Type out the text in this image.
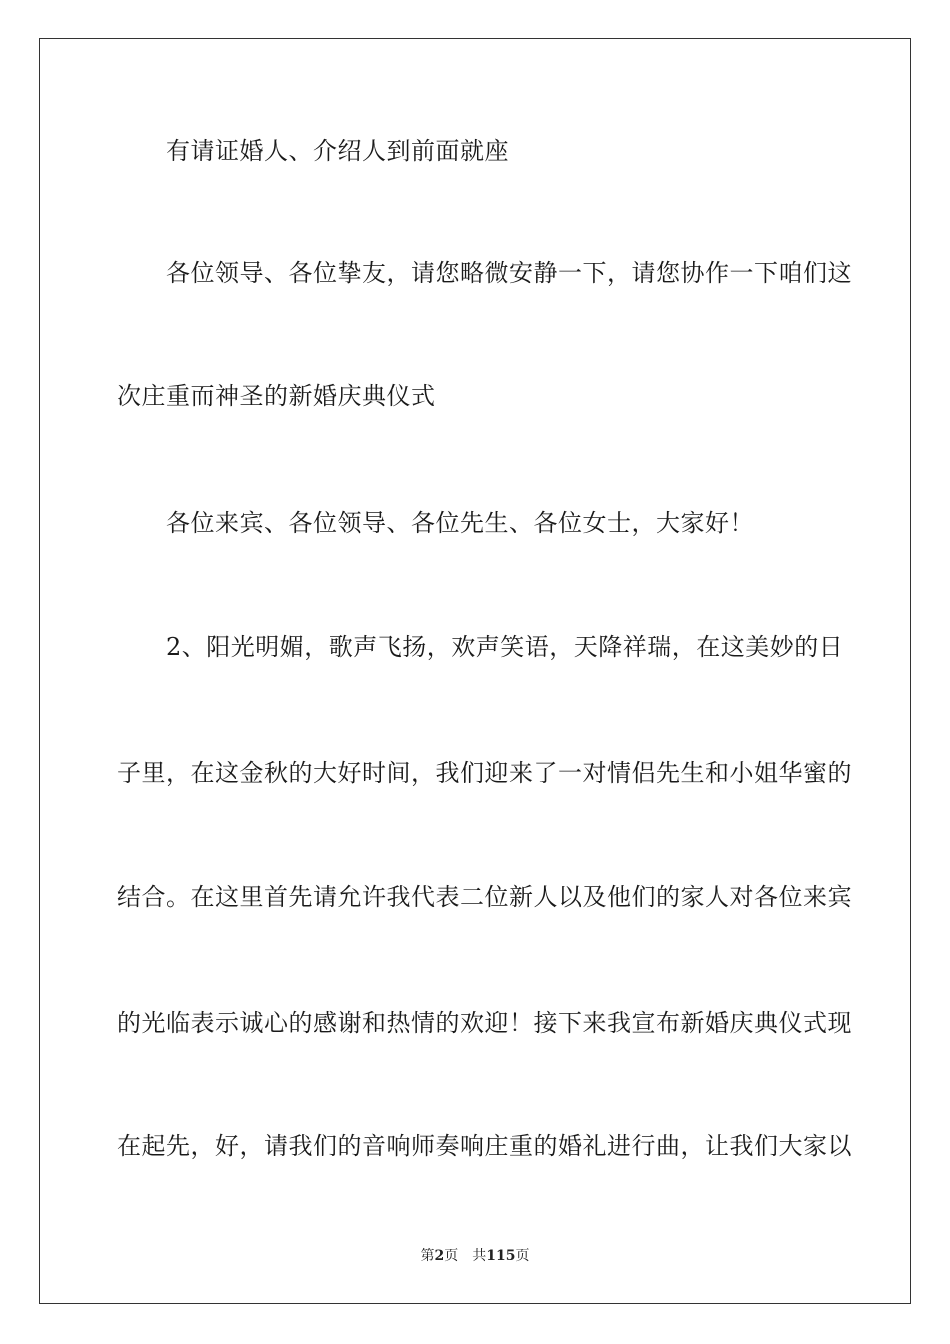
　　有请证婚人、介绍人到前面就座
　　各位领导、各位挚友，请您略微安静一下，请您协作一下咱们这
次庄重而神圣的新婚庆典仪式
　　各位来宾、各位领导、各位先生、各位女士，大家好！
　　2、阳光明媚，歌声飞扬，欢声笑语，天降祥瑞，在这美妙的日
子里，在这金秋的大好时间，我们迎来了一对情侣先生和小姐华蜜的
结合。在这里首先请允许我代表二位新人以及他们的家人对各位来宾
的光临表示诚心的感谢和热情的欢迎！接下来我宣布新婚庆典仪式现
在起先，好，请我们的音响师奏响庄重的婚礼进行曲，让我们大家以
第2页 共115页
